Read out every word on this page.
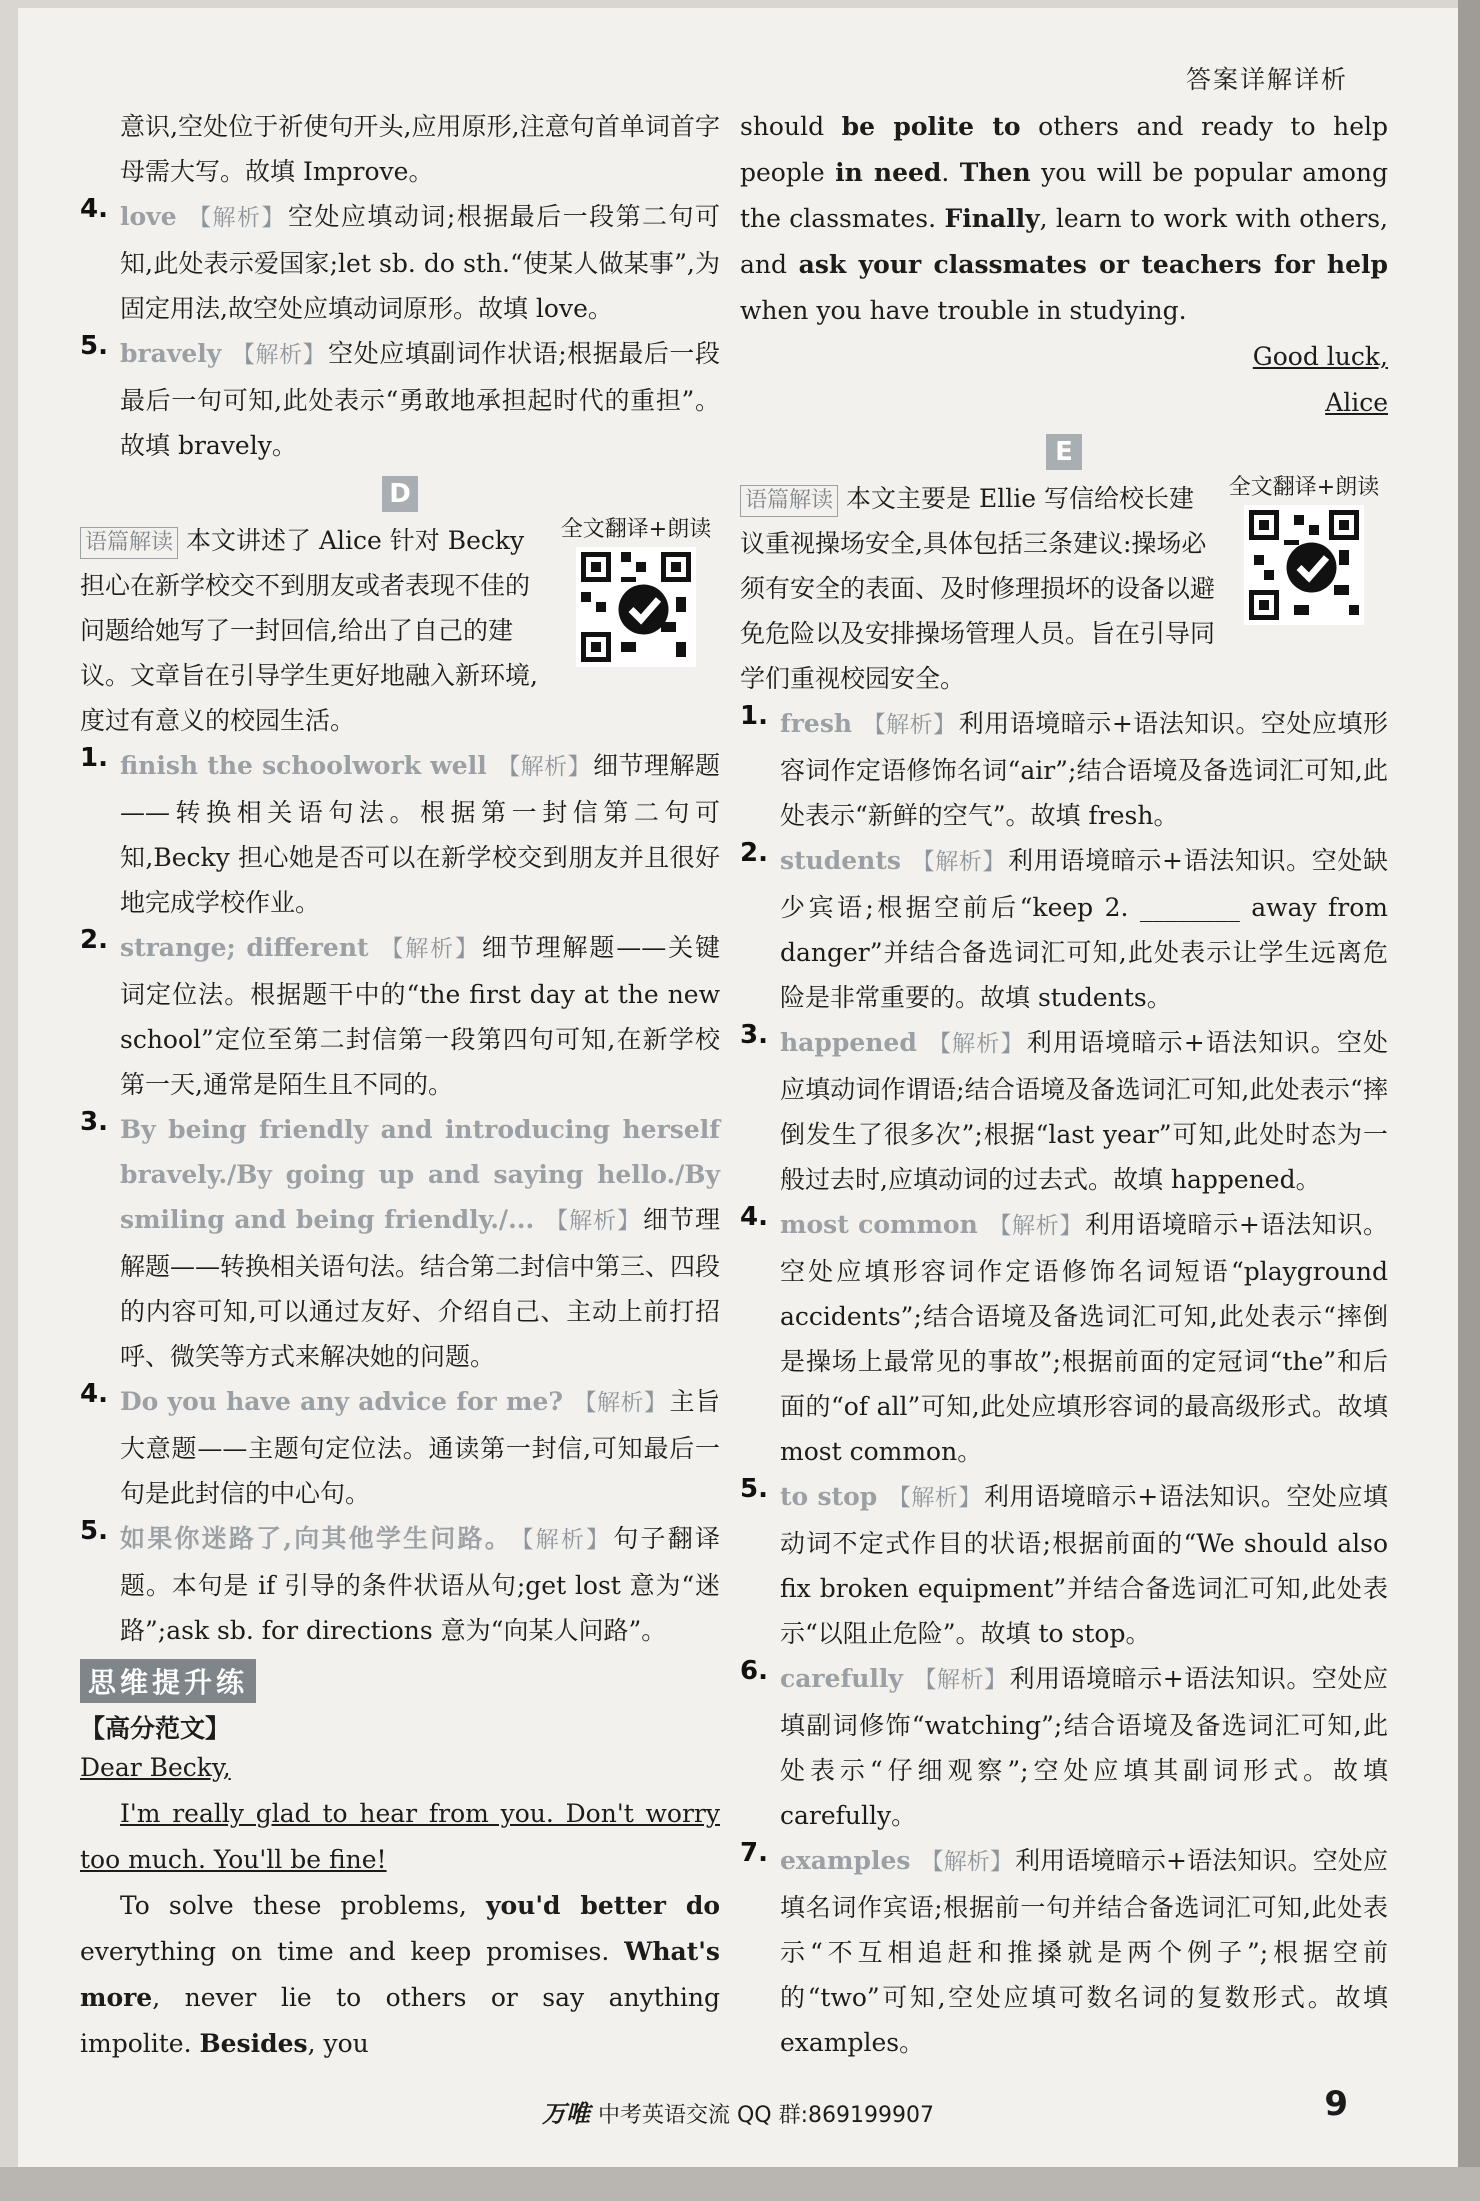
答案详解详析

意识,空处位于祈使句开头,应用原形,注意句首单词首字母需大写。故填 Improve。

4. love 【解析】空处应填动词;根据最后一段第二句可知,此处表示爱国家;let sb. do sth.“使某人做某事”,为固定用法,故空处应填动词原形。故填 love。

5. bravely 【解析】空处应填副词作状语;根据最后一段最后一句可知,此处表示“勇敢地承担起时代的重担”。故填 bravely。

D
全文翻译+朗读

语篇解读 本文讲述了 Alice 针对 Becky 担心在新学校交不到朋友或者表现不佳的问题给她写了一封回信,给出了自己的建议。文章旨在引导学生更好地融入新环境,度过有意义的校园生活。

1. finish the schoolwork well 【解析】细节理解题——转换相关语句法。根据第一封信第二句可知,Becky 担心她是否可以在新学校交到朋友并且很好地完成学校作业。

2. strange; different 【解析】细节理解题——关键词定位法。根据题干中的“the first day at the new school”定位至第二封信第一段第四句可知,在新学校第一天,通常是陌生且不同的。

3. By being friendly and introducing herself bravely./By going up and saying hello./By smiling and being friendly./... 【解析】细节理解题——转换相关语句法。结合第二封信中第三、四段的内容可知,可以通过友好、介绍自己、主动上前打招呼、微笑等方式来解决她的问题。

4. Do you have any advice for me? 【解析】主旨大意题——主题句定位法。通读第一封信,可知最后一句是此封信的中心句。

5. 如果你迷路了,向其他学生问路。 【解析】句子翻译题。本句是 if 引导的条件状语从句;get lost 意为“迷路”;ask sb. for directions 意为“向某人问路”。

思维提升练
【高分范文】

Dear Becky,

I'm really glad to hear from you. Don't worry too much. You'll be fine!

To solve these problems, you'd better do everything on time and keep promises. What's more, never lie to others or say anything impolite. Besides, you

should be polite to others and ready to help people in need. Then you will be popular among the classmates. Finally, learn to work with others, and ask your classmates or teachers for help when you have trouble in studying.

Good luck,
Alice
E
全文翻译+朗读

语篇解读 本文主要是 Ellie 写信给校长建议重视操场安全,具体包括三条建议:操场必须有安全的表面、及时修理损坏的设备以避免危险以及安排操场管理人员。旨在引导同学们重视校园安全。

1. fresh 【解析】利用语境暗示+语法知识。空处应填形容词作定语修饰名词“air”;结合语境及备选词汇可知,此处表示“新鲜的空气”。故填 fresh。

2. students 【解析】利用语境暗示+语法知识。空处缺少宾语;根据空前后“keep 2. ________ away from danger”并结合备选词汇可知,此处表示让学生远离危险是非常重要的。故填 students。

3. happened 【解析】利用语境暗示+语法知识。空处应填动词作谓语;结合语境及备选词汇可知,此处表示“摔倒发生了很多次”;根据“last year”可知,此处时态为一般过去时,应填动词的过去式。故填 happened。

4. most common 【解析】利用语境暗示+语法知识。空处应填形容词作定语修饰名词短语“playground accidents”;结合语境及备选词汇可知,此处表示“摔倒是操场上最常见的事故”;根据前面的定冠词“the”和后面的“of all”可知,此处应填形容词的最高级形式。故填 most common。

5. to stop 【解析】利用语境暗示+语法知识。空处应填动词不定式作目的状语;根据前面的“We should also fix broken equipment”并结合备选词汇可知,此处表示“以阻止危险”。故填 to stop。

6. carefully 【解析】利用语境暗示+语法知识。空处应填副词修饰“watching”;结合语境及备选词汇可知,此处表示“仔细观察”;空处应填其副词形式。故填 carefully。

7. examples 【解析】利用语境暗示+语法知识。空处应填名词作宾语;根据前一句并结合备选词汇可知,此处表示“不互相追赶和推搡就是两个例子”;根据空前的“two”可知,空处应填可数名词的复数形式。故填 examples。

万唯 中考英语交流 QQ 群:869199907	9
